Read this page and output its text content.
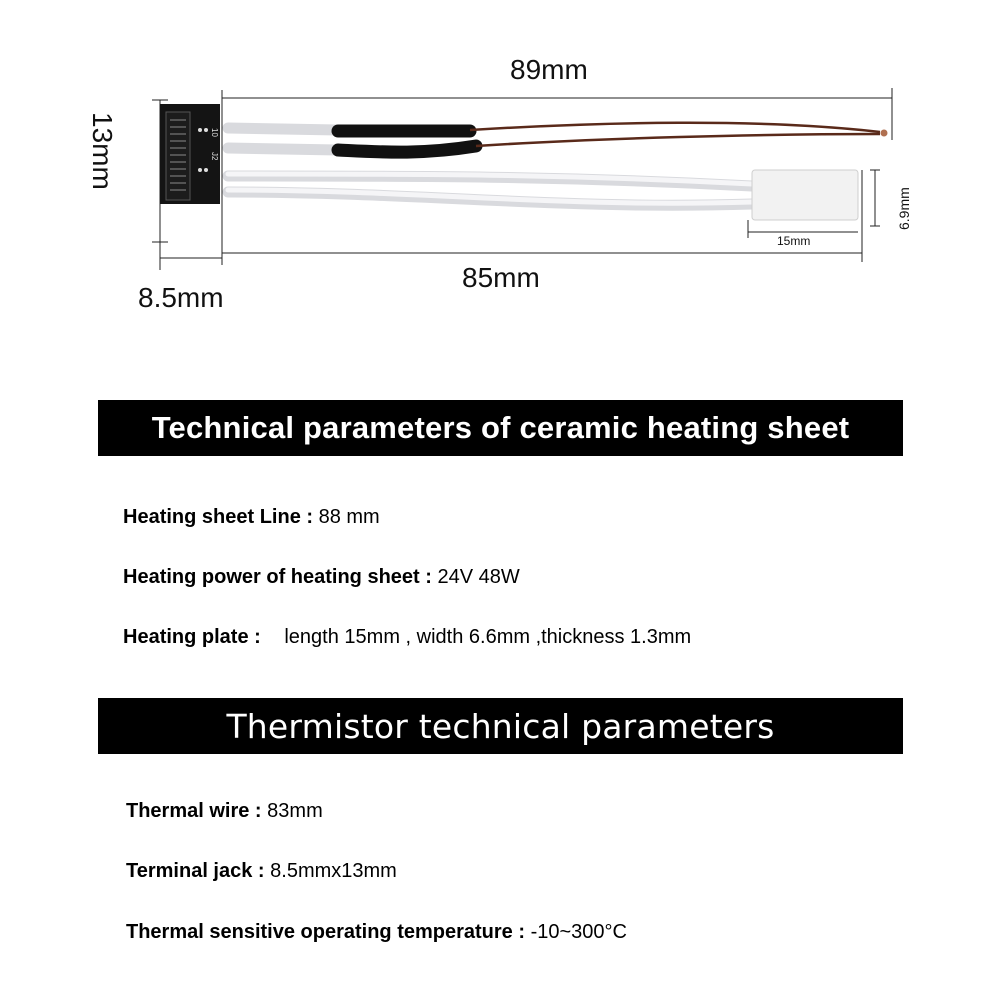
10
J2
89mm
85mm
8.5mm
13mm
6.9mm
15mm
Technical parameters of ceramic heating sheet
Heating sheet Line : 88 mm
Heating power of heating sheet : 24V 48W
Heating plate : length 15mm , width 6.6mm ,thickness 1.3mm
Thermistor technical parameters
Thermal wire : 83mm
Terminal jack : 8.5mmx13mm
Thermal sensitive operating temperature : -10~300°C
